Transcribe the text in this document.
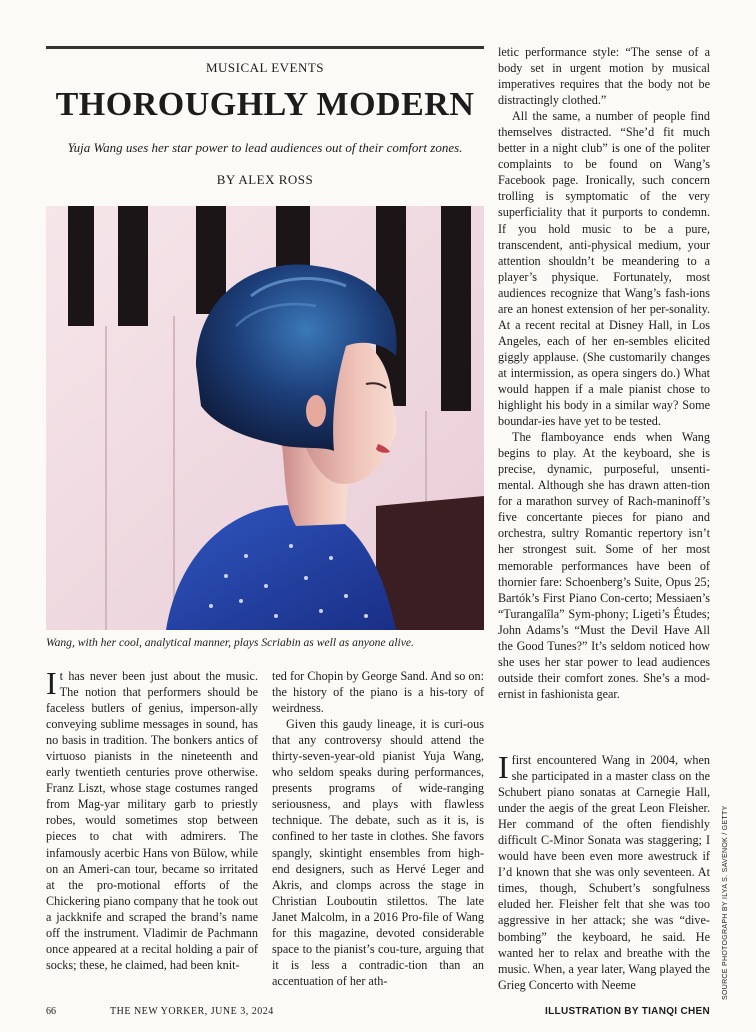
MUSICAL EVENTS
THOROUGHLY MODERN
Yuja Wang uses her star power to lead audiences out of their comfort zones.
BY ALEX ROSS
Wang, with her cool, analytical manner, plays Scriabin as well as anyone alive.

It has never been just about the music. The notion that performers should be faceless butlers of genius, imperson-ally conveying sublime messages in sound, has no basis in tradition. The bonkers antics of virtuoso pianists in the nineteenth and early twentieth centuries prove otherwise. Franz Liszt, whose stage costumes ranged from Mag-yar military garb to priestly robes, would sometimes stop between pieces to chat with admirers. The infamously acerbic Hans von Bülow, while on an Ameri-can tour, became so irritated at the pro-motional efforts of the Chickering piano company that he took out a jackknife and scraped the brand’s name off the instrument. Vladimir de Pachmann once appeared at a recital holding a pair of socks; these, he claimed, had been knit-

ted for Chopin by George Sand. And so on: the history of the piano is a his-tory of weirdness.

Given this gaudy lineage, it is curi-ous that any controversy should attend the thirty-seven-year-old pianist Yuja Wang, who seldom speaks during performances, presents programs of wide-ranging seriousness, and plays with flawless technique. The debate, such as it is, is confined to her taste in clothes. She favors spangly, skintight ensembles from high-end designers, such as Hervé Leger and Akris, and clomps across the stage in Christian Louboutin stilettos. The late Janet Malcolm, in a 2016 Pro-file of Wang for this magazine, devoted considerable space to the pianist’s cou-ture, arguing that it is less a contradic-tion than an accentuation of her ath-

letic performance style: “The sense of a body set in urgent motion by musical imperatives requires that the body not be distractingly clothed.”

All the same, a number of people find themselves distracted. “She’d fit much better in a night club” is one of the politer complaints to be found on Wang’s Facebook page. Ironically, such concern trolling is symptomatic of the very superficiality that it purports to condemn. If you hold music to be a pure, transcendent, anti-physical medium, your attention shouldn’t be meandering to a player’s physique. Fortunately, most audiences recognize that Wang’s fash-ions are an honest extension of her per-sonality. At a recent recital at Disney Hall, in Los Angeles, each of her en-sembles elicited giggly applause. (She customarily changes at intermission, as opera singers do.) What would happen if a male pianist chose to highlight his body in a similar way? Some boundar-ies have yet to be tested.

The flamboyance ends when Wang begins to play. At the keyboard, she is precise, dynamic, purposeful, unsenti-mental. Although she has drawn atten-tion for a marathon survey of Rach-maninoff’s five concertante pieces for piano and orchestra, sultry Romantic repertory isn’t her strongest suit. Some of her most memorable performances have been of thornier fare: Schoenberg’s Suite, Opus 25; Bartók’s First Piano Con-certo; Messiaen’s “Turangalîla” Sym-phony; Ligeti’s Études; John Adams’s “Must the Devil Have All the Good Tunes?” It’s seldom noticed how she uses her star power to lead audiences outside their comfort zones. She’s a mod-ernist in fashionista gear.

I first encountered Wang in 2004, when she participated in a master class on the Schubert piano sonatas at Carnegie Hall, under the aegis of the great Leon Fleisher. Her command of the often fiendishly difficult C-Minor Sonata was staggering; I would have been even more awestruck if I’d known that she was only seventeen. At times, though, Schubert’s songfulness eluded her. Fleisher felt that she was too aggressive in her attack; she was “dive-bombing” the keyboard, he said. He wanted her to relax and breathe with the music. When, a year later, Wang played the Grieg Concerto with Neeme

66	THE NEW YORKER, JUNE 3, 2024	ILLUSTRATION BY TIANQI CHEN
SOURCE PHOTOGRAPH BY ILYA S. SAVENOK / GETTY
